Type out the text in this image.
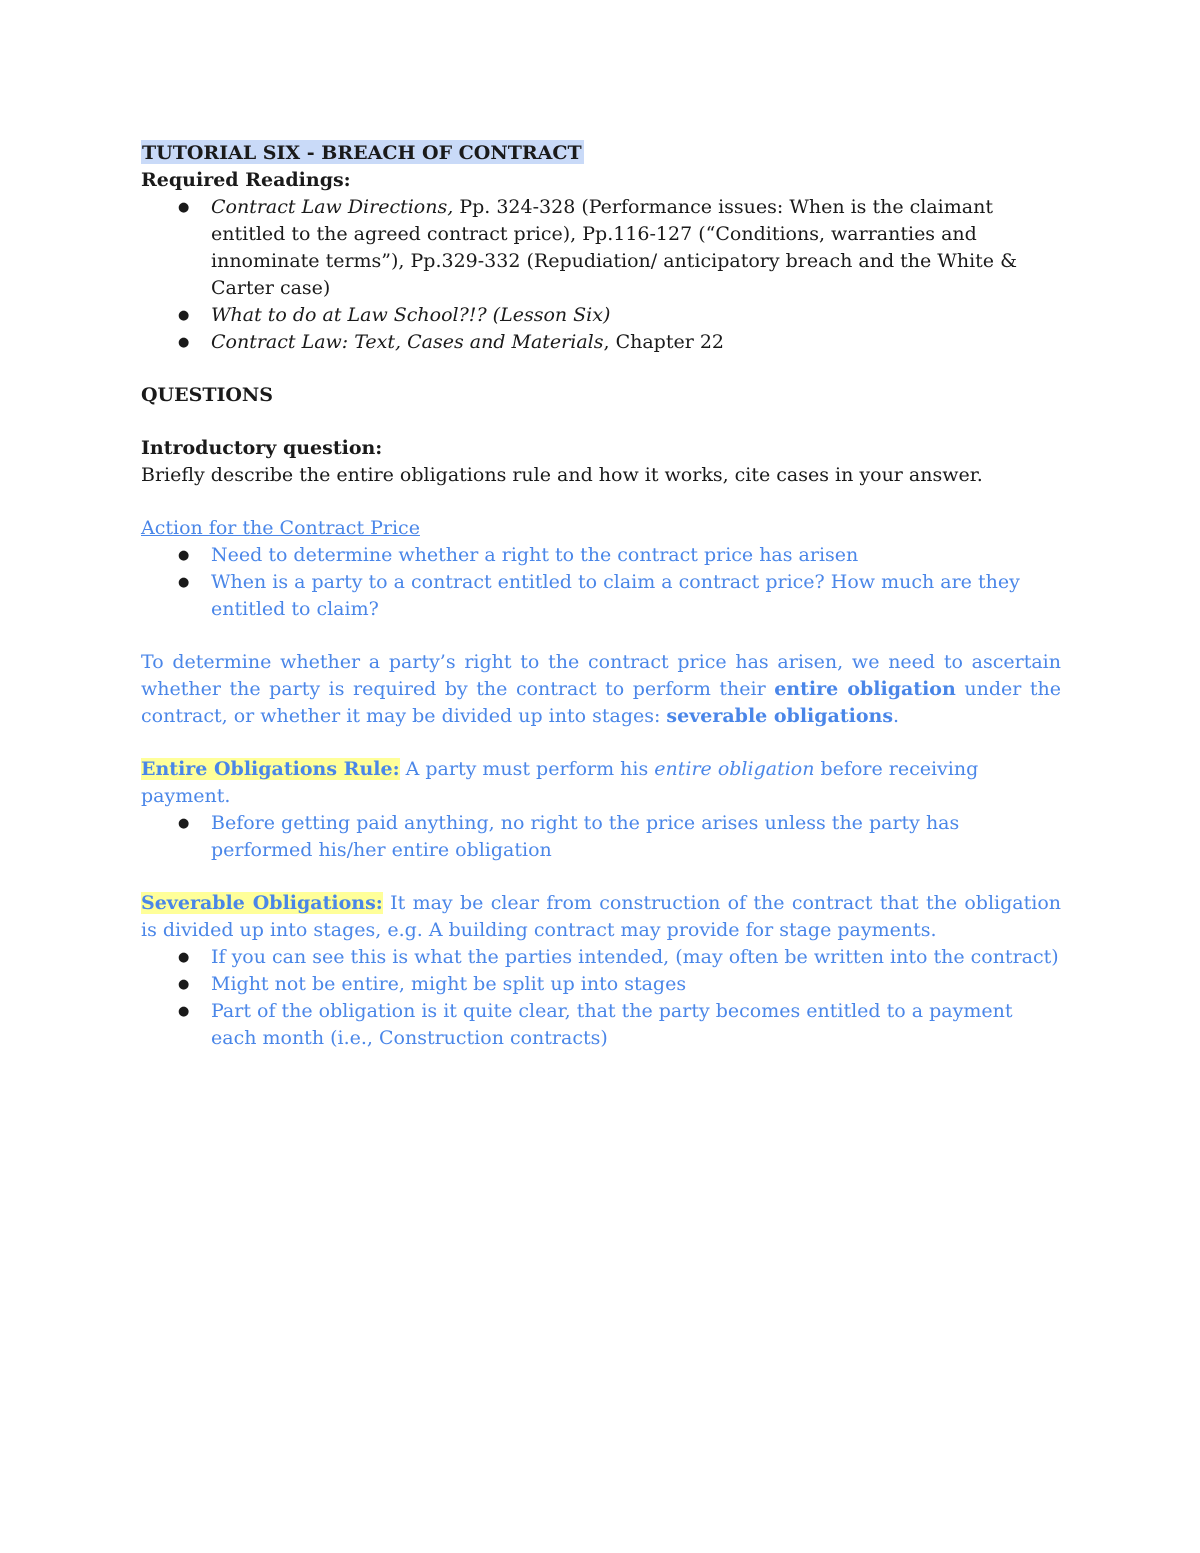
TUTORIAL SIX - BREACH OF CONTRACT

Required Readings:

● Contract Law Directions, Pp. 324-328 (Performance issues: When is the claimant entitled to the agreed contract price), Pp.116-127 (“Conditions, warranties and innominate terms”), Pp.329-332 (Repudiation/ anticipatory breach and the White & Carter case)
● What to do at Law School?!? (Lesson Six)
● Contract Law: Text, Cases and Materials, Chapter 22

QUESTIONS

Introductory question:

Briefly describe the entire obligations rule and how it works, cite cases in your answer.

Action for the Contract Price

● Need to determine whether a right to the contract price has arisen
● When is a party to a contract entitled to claim a contract price? How much are they entitled to claim?

To determine whether a party’s right to the contract price has arisen, we need to ascertain whether the party is required by the contract to perform their entire obligation under the contract, or whether it may be divided up into stages: severable obligations.

Entire Obligations Rule: A party must perform his entire obligation before receiving payment.

● Before getting paid anything, no right to the price arises unless the party has performed his/her entire obligation

Severable Obligations: It may be clear from construction of the contract that the obligation is divided up into stages, e.g. A building contract may provide for stage payments.

● If you can see this is what the parties intended, (may often be written into the contract)
● Might not be entire, might be split up into stages
● Part of the obligation is it quite clear, that the party becomes entitled to a payment each month (i.e., Construction contracts)
